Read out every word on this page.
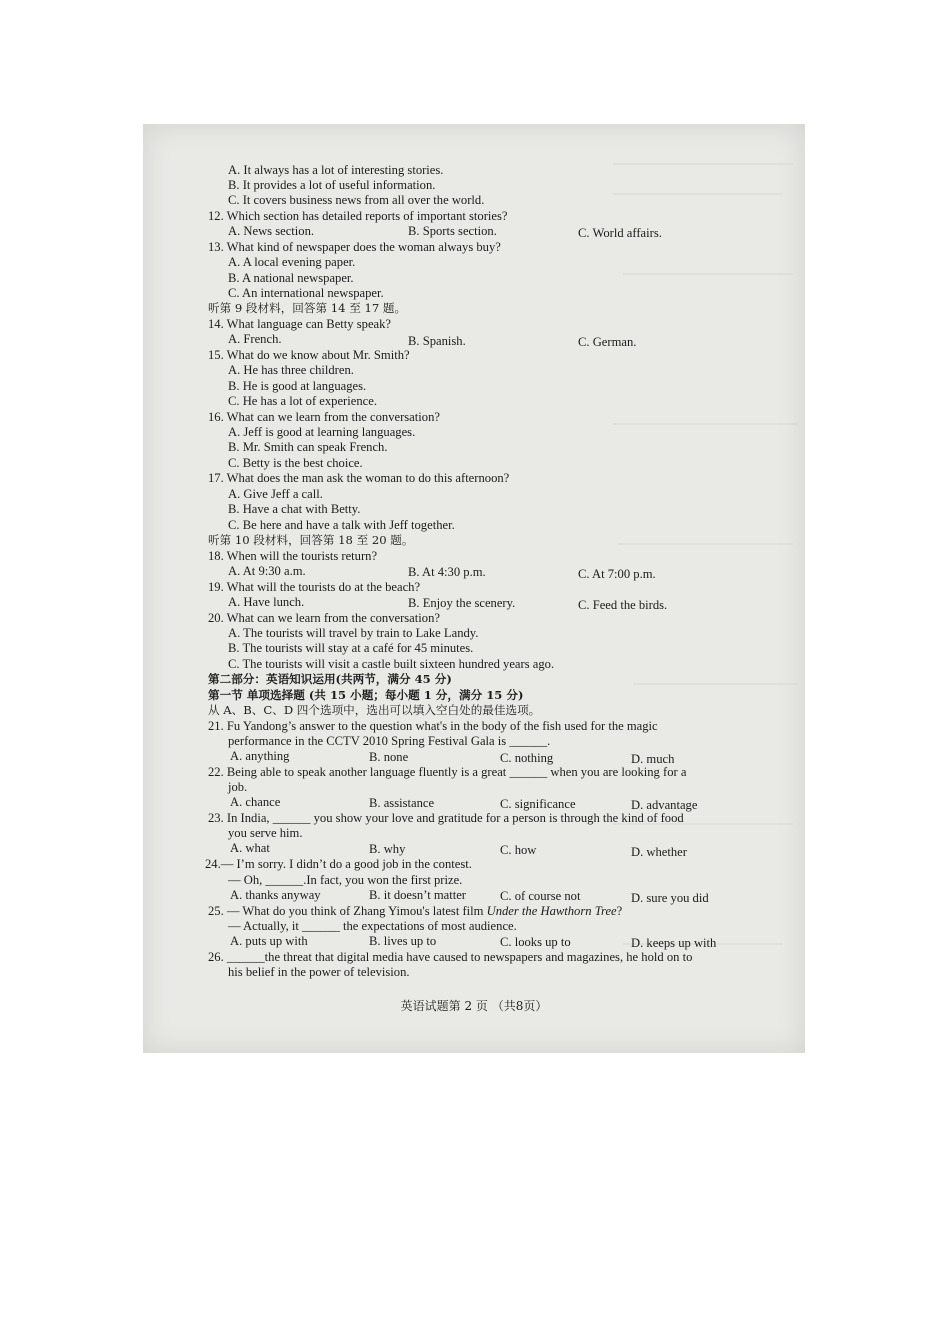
A. It always has a lot of interesting stories.
B. It provides a lot of useful information.
C. It covers business news from all over the world.
12. Which section has detailed reports of important stories?
13. What kind of newspaper does the woman always buy?
A. A local evening paper.
B. A national newspaper.
C. An international newspaper.
听第 9 段材料，回答第 14 至 17 题。
14. What language can Betty speak?
15. What do we know about Mr. Smith?
A. He has three children.
B. He is good at languages.
C. He has a lot of experience.
16. What can we learn from the conversation?
A. Jeff is good at learning languages.
B. Mr. Smith can speak French.
C. Betty is the best choice.
17. What does the man ask the woman to do this afternoon?
A. Give Jeff a call.
B. Have a chat with Betty.
C. Be here and have a talk with Jeff together.
听第 10 段材料，回答第 18 至 20 题。
18. When will the tourists return?
19. What will the tourists do at the beach?
20. What can we learn from the conversation?
A. The tourists will travel by train to Lake Landy.
B. The tourists will stay at a café for 45 minutes.
C. The tourists will visit a castle built sixteen hundred years ago.
第二部分：英语知识运用(共两节，满分 45 分)
第一节 单项选择题 (共 15 小题；每小题 1 分，满分 15 分)
从 A、B、C、D 四个选项中，选出可以填入空白处的最佳选项。
21. Fu Yandong’s answer to the question what's in the body of the fish used for the magic
performance in the CCTV 2010 Spring Festival Gala is ______.
22. Being able to speak another language fluently is a great ______ when you are looking for a
job.
23. In India, ______ you show your love and gratitude for a person is through the kind of food
you serve him.
24.— I’m sorry. I didn’t do a good job in the contest.
— Oh, ______.In fact, you won the first prize.
— Actually, it ______ the expectations of most audience.
26. ______the threat that digital media have caused to newspapers and magazines, he hold on to
his belief in the power of television.
A. News section.	B. Sports section.	C. World affairs.
A. French.	B. Spanish.	C. German.
A. At 9:30 a.m.	B. At 4:30 p.m.	C. At 7:00 p.m.
A. Have lunch.	B. Enjoy the scenery.	C. Feed the birds.
A. anything	B. none	C. nothing	D. much
A. chance	B. assistance	C. significance	D. advantage
A. what	B. why	C. how	D. whether
A. thanks anyway	B. it doesn’t matter	C. of course not	D. sure you did
A. puts up with	B. lives up to	C. looks up to	D. keeps up with
25. — What do you think of Zhang Yimou's latest film Under the Hawthorn Tree?
英语试题第 2 页 （共8页）
